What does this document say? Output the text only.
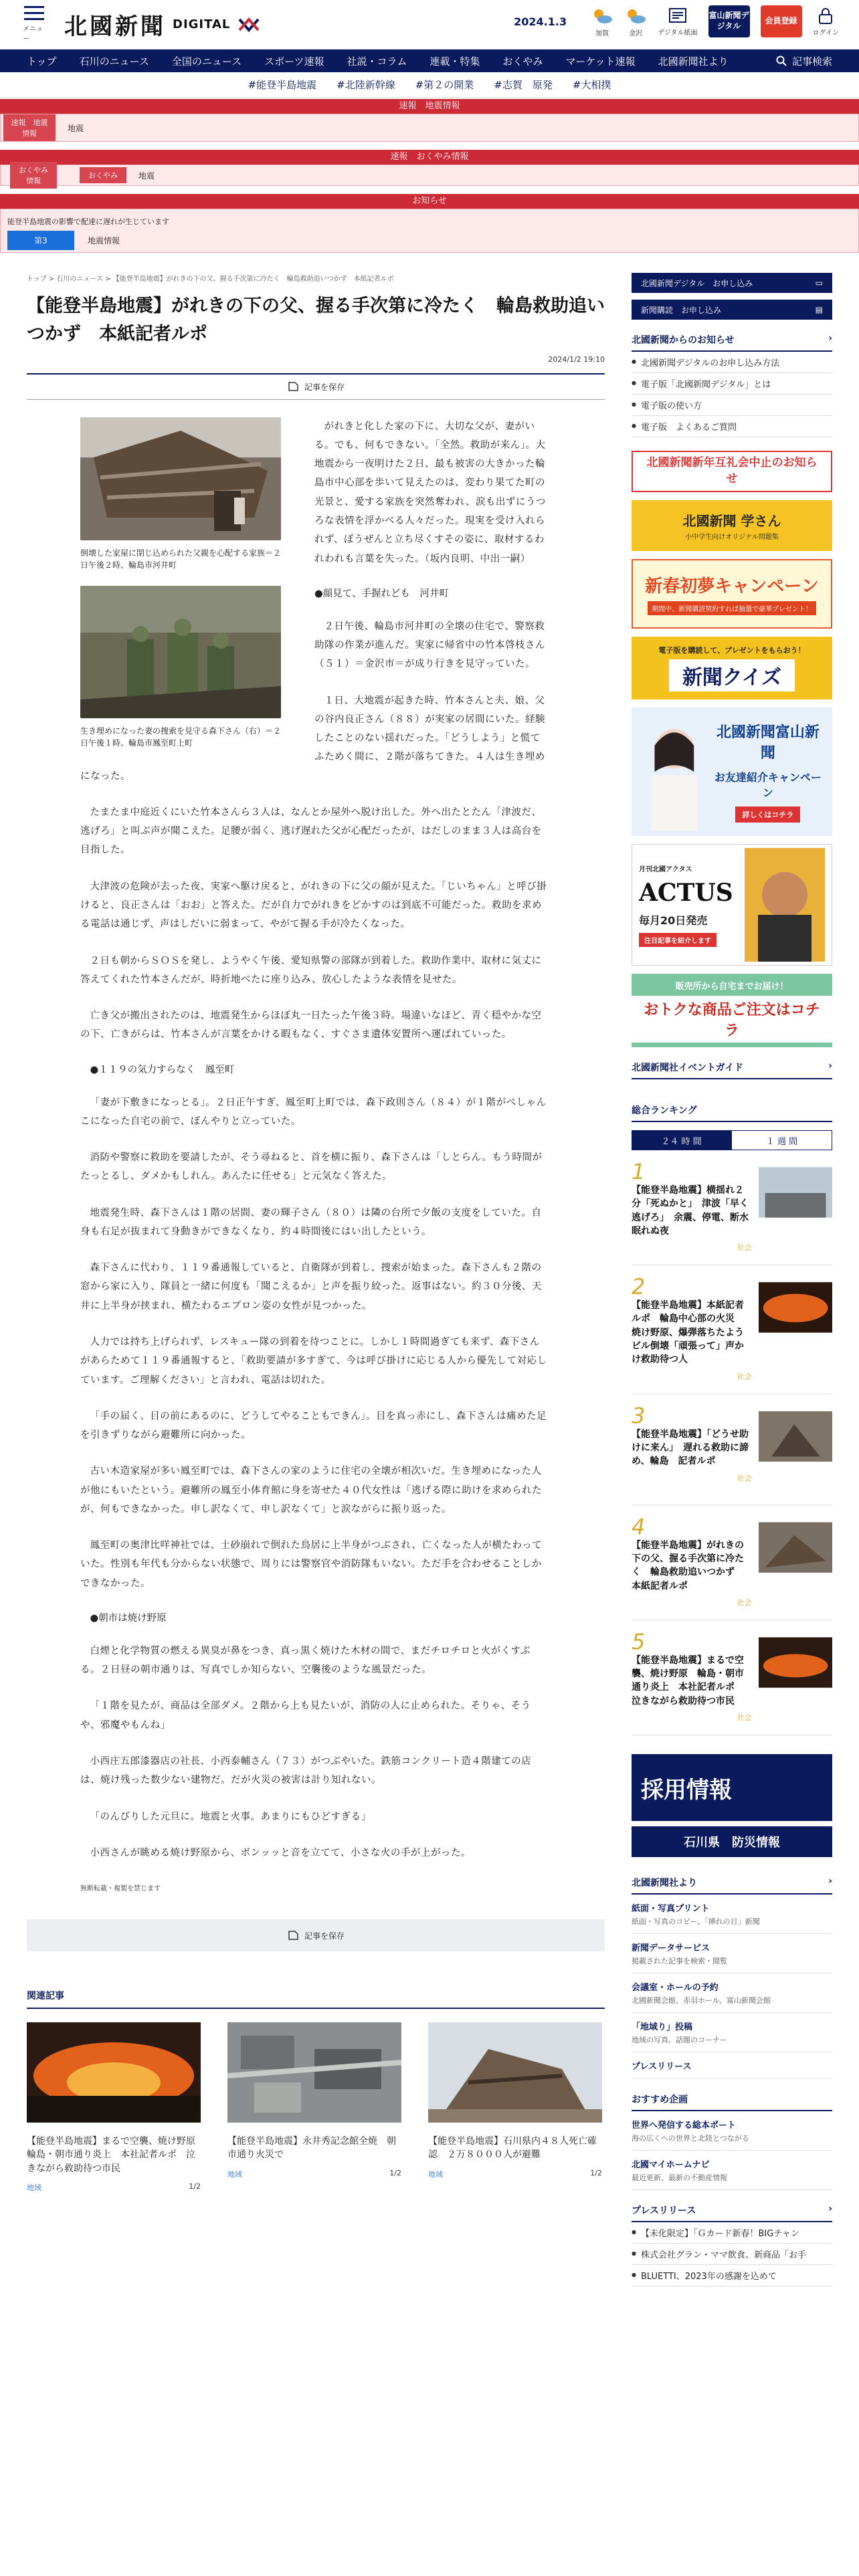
メニュー	北國新聞 DIGITAL	2024.1.3
加賀	金沢 デジタル紙面
富山新聞デジタル
会員登録
ログイン
トップ 石川のニュース 全国のニュース スポーツ速報 社説・コラム 連載・特集 おくやみ マーケット速報 北國新聞社より	記事検索
#能登半島地震 #北陸新幹線 #第２の開業 #志賀　原発 #大相撲
速報　地震情報
速報　地震情報
地震
速報　おくやみ情報
おくやみ情報
おくやみ	地震
お知らせ
能登半島地震の影響で配達に遅れが生じています
第3	地震情報
トップ > 石川のニュース > 【能登半島地震】がれきの下の父、握る手次第に冷たく　輪島救助追いつかず　本紙記者ルポ
【能登半島地震】がれきの下の父、握る手次第に冷たく　輪島救助追いつかず　本紙記者ルポ
2024/1/2 19:10
記事を保存
倒壊した家屋に閉じ込められた父親を心配する家族＝２日午後２時、輪島市河井町
生き埋めになった妻の捜索を見守る森下さん（右）＝２日午後１時、輪島市鳳至町上町

がれきと化した家の下に、大切な父が、妻がいる。でも、何もできない。「全然。救助が来ん」。大地震から一夜明けた２日、最も被害の大きかった輪島市中心部を歩いて見えたのは、変わり果てた町の光景と、愛する家族を突然奪われ、涙も出ずにうつろな表情を浮かべる人々だった。現実を受け入れられず、ぼうぜんと立ち尽くすその姿に、取材するわれわれも言葉を失った。（坂内良明、中出一嗣）

●顔見て、手握れども　河井町

２日午後、輪島市河井町の全壊の住宅で、警察救助隊の作業が進んだ。実家に帰省中の竹本啓枝さん（５１）＝金沢市＝が成り行きを見守っていた。

１日、大地震が起きた時、竹本さんと夫、娘、父の谷内良正さん（８８）が実家の居間にいた。経験したことのない揺れだった。「どうしよう」と慌てふためく間に、２階が落ちてきた。４人は生き埋めになった。

たまたま中庭近くにいた竹本さんら３人は、なんとか屋外へ脱け出した。外へ出たとたん「津波だ、逃げろ」と叫ぶ声が聞こえた。足腰が弱く、逃げ遅れた父が心配だったが、はだしのまま３人は高台を目指した。

大津波の危険が去った夜、実家へ駆け戻ると、がれきの下に父の顔が見えた。「じいちゃん」と呼び掛けると、良正さんは「おお」と答えた。だが自力でがれきをどかすのは到底不可能だった。救助を求める電話は通じず、声はしだいに弱まって、やがて握る手が冷たくなった。

２日も朝からＳＯＳを発し、ようやく午後、愛知県警の部隊が到着した。救助作業中、取材に気丈に答えてくれた竹本さんだが、時折地べたに座り込み、放心したような表情を見せた。

亡き父が搬出されたのは、地震発生からほぼ丸一日たった午後３時。場違いなほど、青く穏やかな空の下、亡きがらは、竹本さんが言葉をかける暇もなく、すぐさま遺体安置所へ運ばれていった。

●１１９の気力すらなく　鳳至町

「妻が下敷きになっとる」。２日正午すぎ、鳳至町上町では、森下政則さん（８４）が１階がぺしゃんこになった自宅の前で、ぼんやりと立っていた。

消防や警察に救助を要請したが、そう尋ねると、首を横に振り、森下さんは「しとらん。もう時間がたっとるし、ダメかもしれん。あんたに任せる」と元気なく答えた。

地震発生時、森下さんは１階の居間、妻の輝子さん（８０）は隣の台所で夕飯の支度をしていた。自身も右足が抜まれて身動きができなくなり、約４時間後にはい出したという。

森下さんに代わり、１１９番通報していると、自衛隊が到着し、捜索が始まった。森下さんも２階の窓から家に入り、隊員と一緒に何度も「聞こえるか」と声を振り絞った。返事はない。約３０分後、天井に上半身が挟まれ、横たわるエプロン姿の女性が見つかった。

人力では持ち上げられず、レスキュー隊の到着を待つことに。しかし１時間過ぎても来ず、森下さんがあらためて１１９番通報すると、「救助要請が多すぎて、今は呼び掛けに応じる人から優先して対応しています。ご理解ください」と言われ、電話は切れた。

「手の届く、目の前にあるのに、どうしてやることもできん」。目を真っ赤にし、森下さんは痛めた足を引きずりながら避難所に向かった。

古い木造家屋が多い鳳至町では、森下さんの家のように住宅の全壊が相次いだ。生き埋めになった人が他にもいたという。避難所の鳳至小体育館に身を寄せた４０代女性は「逃げる際に助けを求められたが、何もできなかった。申し訳なくて、申し訳なくて」と涙ながらに振り返った。

鳳至町の奥津比咩神社では、土砂崩れで倒れた鳥居に上半身がつぶされ、亡くなった人が横たわっていた。性別も年代も分からない状態で、周りには警察官や消防隊もいない。ただ手を合わせることしかできなかった。

●朝市は焼け野原

白煙と化学物質の燃える異臭が鼻をつき、真っ黒く焼けた木材の間で、まだチロチロと火がくすぶる。２日昼の朝市通りは、写真でしか知らない、空襲後のような風景だった。

「１階を見たが、商品は全部ダメ。２階から上も見たいが、消防の人に止められた。そりゃ、そうや、邪魔やもんね」

小西庄五郎漆器店の社長、小西泰輔さん（７３）がつぶやいた。鉄筋コンクリート造４階建ての店は、焼け残った数少ない建物だ。だが火災の被害は計り知れない。

「のんびりした元旦に。地震と火事。あまりにもひどすぎる」

小西さんが眺める焼け野原から、ボンッッと音を立てて、小さな火の手が上がった。

無断転載・複製を禁じます
記事を保存
関連記事
【能登半島地震】まるで空襲、焼け野原　輪島・朝市通り炎上　本社記者ルポ　泣きながら救助待つ市民
地域	1/2
【能登半島地震】永井秀記念館全焼　朝市通り火災で
地域	1/2
【能登半島地震】石川県内４８人死亡確認　２万８０００人が避難
地域	1/2
北國新聞デジタル　お申し込み	▭
新聞購読　お申し込み	▤
北國新聞からのお知らせ	›
● 北國新聞デジタルのお申し込み方法
● 電子版「北國新聞デジタル」とは
● 電子版の使い方
● 電子版　よくあるご質問
北國新聞新年互礼会中止のお知らせ
北國新聞 学さん
小中学生向けオリジナル問題集
新春初夢キャンペーン
期間中、新聞購読契約すれば抽選で豪華プレゼント！
電子版を購読して、プレゼントをもらおう！
新聞クイズ
北國新聞富山新聞
お友達紹介キャンペーン
詳しくはコチラ
月刊北國アクタス
ACTUS
毎月20日発売
注目記事を紹介します
販売所から自宅までお届け！
おトクな商品ご注文はコチラ
北國新聞社イベントガイド	›
総合ランキング
２４ 時 間	１ 週 間
1
【能登半島地震】横揺れ２分「死ぬかと」　津波「早く逃げろ」　余震、停電、断水眠れぬ夜
社会
2
【能登半島地震】本紙記者ルポ　輪島中心部の火災　焼け野原、爆弾落ちたよう　ビル倒壊「頑張って」声かけ救助待つ人
社会
3
【能登半島地震】「どうせ助けに来ん」　遅れる救助に諦め、輪島　記者ルポ
社会
4
【能登半島地震】がれきの下の父、握る手次第に冷たく　輪島救助追いつかず　本紙記者ルポ
社会
5
【能登半島地震】まるで空襲、焼け野原　輪島・朝市通り炎上　本社記者ルポ　泣きながら救助待つ市民
社会
採用情報
石川県　防災情報
北國新聞社より	›
紙面・写真プリント
紙面・写真のコピー、「挿れの日」新聞
新聞データサービス
掲載された記事を検索・閲覧
会議室・ホールの予約
北國新聞会館、赤羽ホール、富山新聞会館
「地域り」投稿
地域の写真、話題のコーナー
プレスリリース
おすすめ企画
世界へ発信する総本ポート
海の広くへの世界と北陸とつながる
北國マイホームナビ
最近更新、最新の不動産情報
プレスリリース	›
● 【未化限定】「Ｇカード新春！BIGチャン
● 株式会社グラン・ママ飲食、新商品「お手
● BLUETTI、2023年の感謝を込めて
